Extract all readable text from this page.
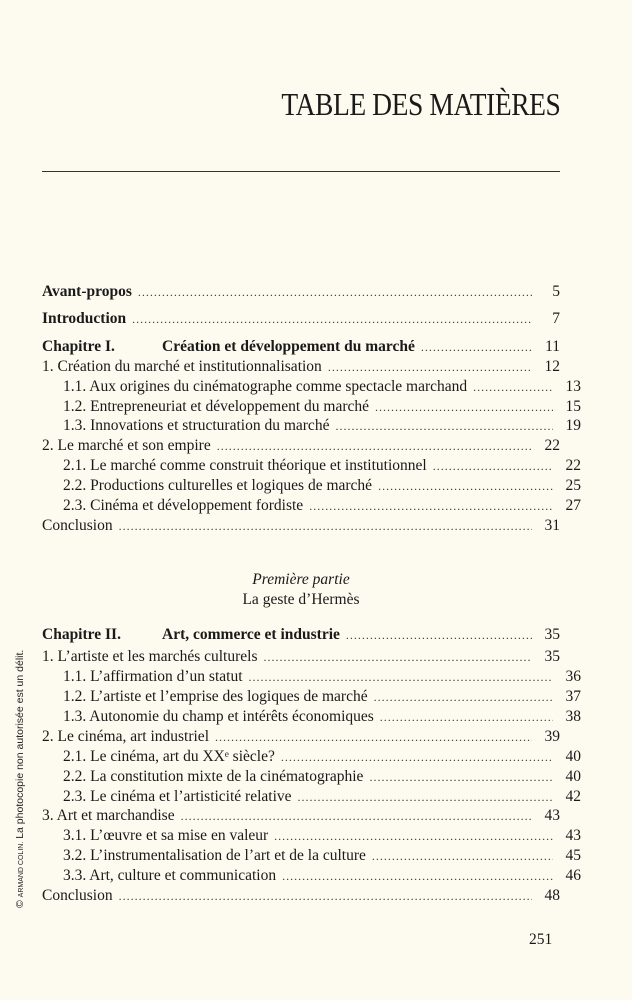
TABLE DES MATIÈRES
Avant-propos .....	5
Introduction .....	7
Chapitre I.	Création et développement du marché .....	11
1. Création du marché et institutionnalisation .....	12
1.1. Aux origines du cinématographe comme spectacle marchand .....	13
1.2. Entrepreneuriat et développement du marché .....	15
1.3. Innovations et structuration du marché .....	19
2. Le marché et son empire .....	22
2.1. Le marché comme construit théorique et institutionnel .....	22
2.2. Productions culturelles et logiques de marché .....	25
2.3. Cinéma et développement fordiste .....	27
Conclusion .....	31
Première partie
La geste d’Hermès
Chapitre II.	Art, commerce et industrie .....	35
1. L’artiste et les marchés culturels .....	35
1.1. L’affirmation d’un statut .....	36
1.2. L’artiste et l’emprise des logiques de marché .....	37
1.3. Autonomie du champ et intérêts économiques .....	38
2. Le cinéma, art industriel .....	39
2.1. Le cinéma, art du XXᵉ siècle? .....	40
2.2. La constitution mixte de la cinématographie .....	40
2.3. Le cinéma et l’artisticité relative .....	42
3. Art et marchandise .....	43
3.1. L’œuvre et sa mise en valeur .....	43
3.2. L’instrumentalisation de l’art et de la culture .....	45
3.3. Art, culture et communication .....	46
Conclusion .....	48
251
© ARMAND COLIN. La photocopie non autorisée est un délit.
